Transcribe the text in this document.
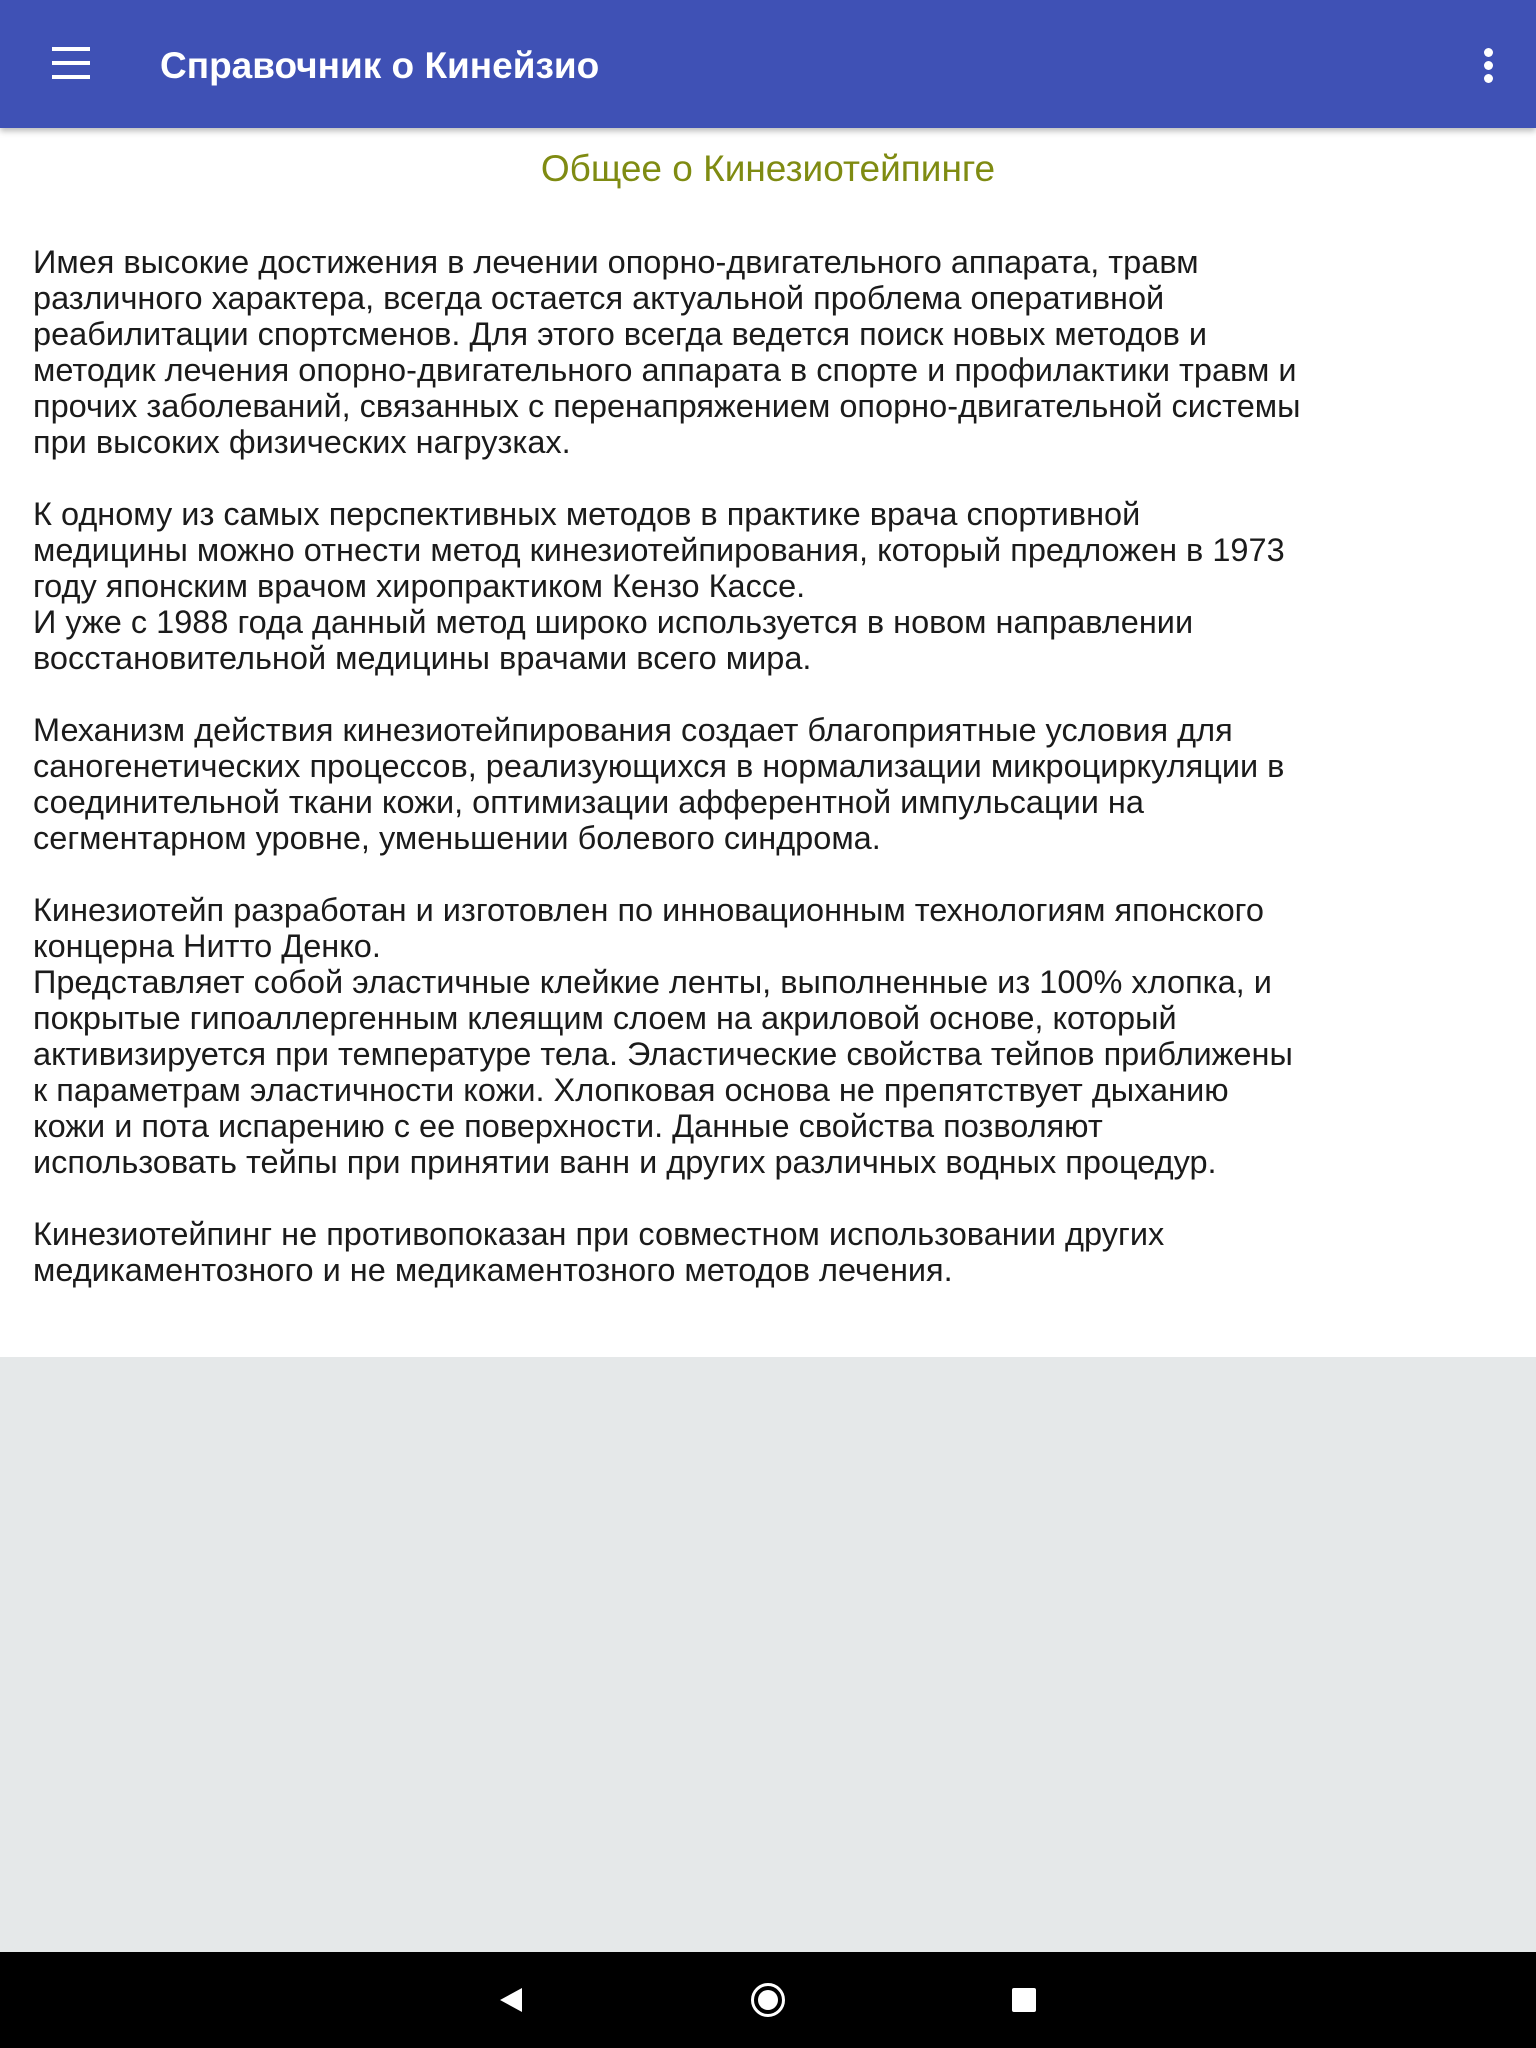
Справочник о Кинейзио
Общее о Кинезиотейпинге
Имея высокие достижения в лечении опорно-двигательного аппарата, травм
различного характера, всегда остается актуальной проблема оперативной
реабилитации спортсменов. Для этого всегда ведется поиск новых методов и
методик лечения опорно-двигательного аппарата в спорте и профилактики травм и
прочих заболеваний, связанных с перенапряжением опорно-двигательной системы
при высоких физических нагрузках.
К одному из самых перспективных методов в практике врача спортивной
медицины можно отнести метод кинезиотейпирования, который предложен в 1973
году японским врачом хиропрактиком Кензо Кассе.
И уже с 1988 года данный метод широко используется в новом направлении
восстановительной медицины врачами всего мира.
Механизм действия кинезиотейпирования создает благоприятные условия для
саногенетических процессов, реализующихся в нормализации микроциркуляции в
соединительной ткани кожи, оптимизации афферентной импульсации на
сегментарном уровне, уменьшении болевого синдрома.
Кинезиотейп разработан и изготовлен по инновационным технологиям японского
концерна Нитто Денко.
Представляет собой эластичные клейкие ленты, выполненные из 100% хлопка, и
покрытые гипоаллергенным клеящим слоем на акриловой основе, который
активизируется при температуре тела. Эластические свойства тейпов приближены
к параметрам эластичности кожи. Хлопковая основа не препятствует дыханию
кожи и пота испарению с ее поверхности. Данные свойства позволяют
использовать тейпы при принятии ванн и других различных водных процедур.
Кинезиотейпинг не противопоказан при совместном использовании других
медикаментозного и не медикаментозного методов лечения.
